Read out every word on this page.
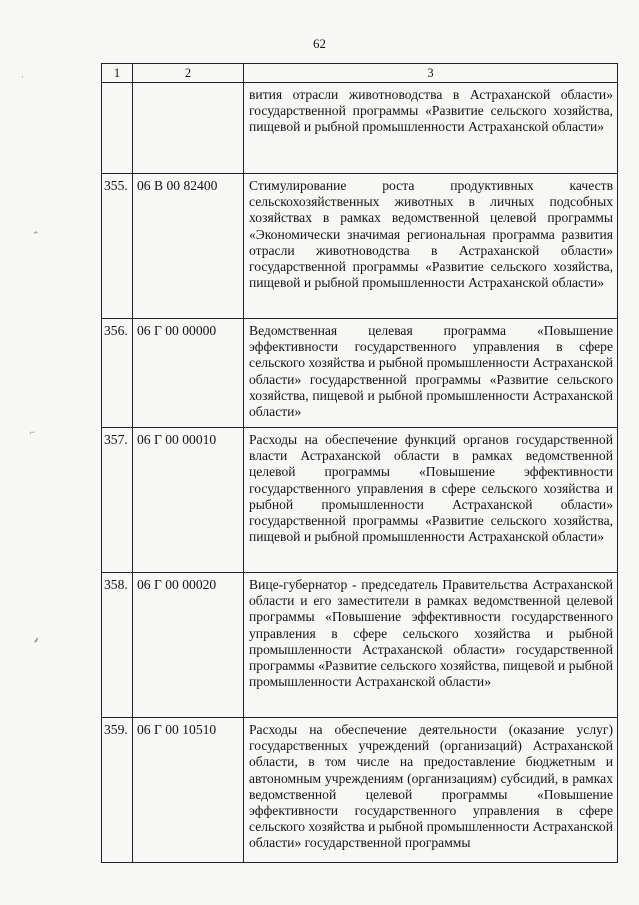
62
1	2	3
		вития отрасли животноводства в Астраханской области» государственной программы «Развитие сельского хозяйства, пищевой и рыбной промышленности Астраханской области»
355.	06 В 00 82400	Стимулирование роста продуктивных качеств сельскохозяйственных животных в личных подсобных хозяйствах в рамках ведомственной целевой программы «Экономически значимая региональная программа развития отрасли животноводства в Астраханской области» государственной программы «Развитие сельского хозяйства, пищевой и рыбной промышленности Астраханской области»
356.	06 Г 00 00000	Ведомственная целевая программа «Повышение эффективности государственного управления в сфере сельского хозяйства и рыбной промышленности Астраханской области» государственной программы «Развитие сельского хозяйства, пищевой и рыбной промышленности Астраханской области»
357.	06 Г 00 00010	Расходы на обеспечение функций органов государственной власти Астраханской области в рамках ведомственной целевой программы «Повышение эффективности государственного управления в сфере сельского хозяйства и рыбной промышленности Астраханской области» государственной программы «Развитие сельского хозяйства, пищевой и рыбной промышленности Астраханской области»
358.	06 Г 00 00020	Вице-губернатор - председатель Правительства Астраханской области и его заместители в рамках ведомственной целевой программы «Повышение эффективности государственного управления в сфере сельского хозяйства и рыбной промышленности Астраханской области» государственной программы «Развитие сельского хозяйства, пищевой и рыбной промышленности Астраханской области»
359.	06 Г 00 10510	Расходы на обеспечение деятельности (оказание услуг) государственных учреждений (организаций) Астраханской области, в том числе на предоставление бюджетным и автономным учреждениям (организациям) субсидий, в рамках ведомственной целевой программы «Повышение эффективности государственного управления в сфере сельского хозяйства и рыбной промышленности Астраханской области» государственной программы
·
⌃
⌐
⸙
